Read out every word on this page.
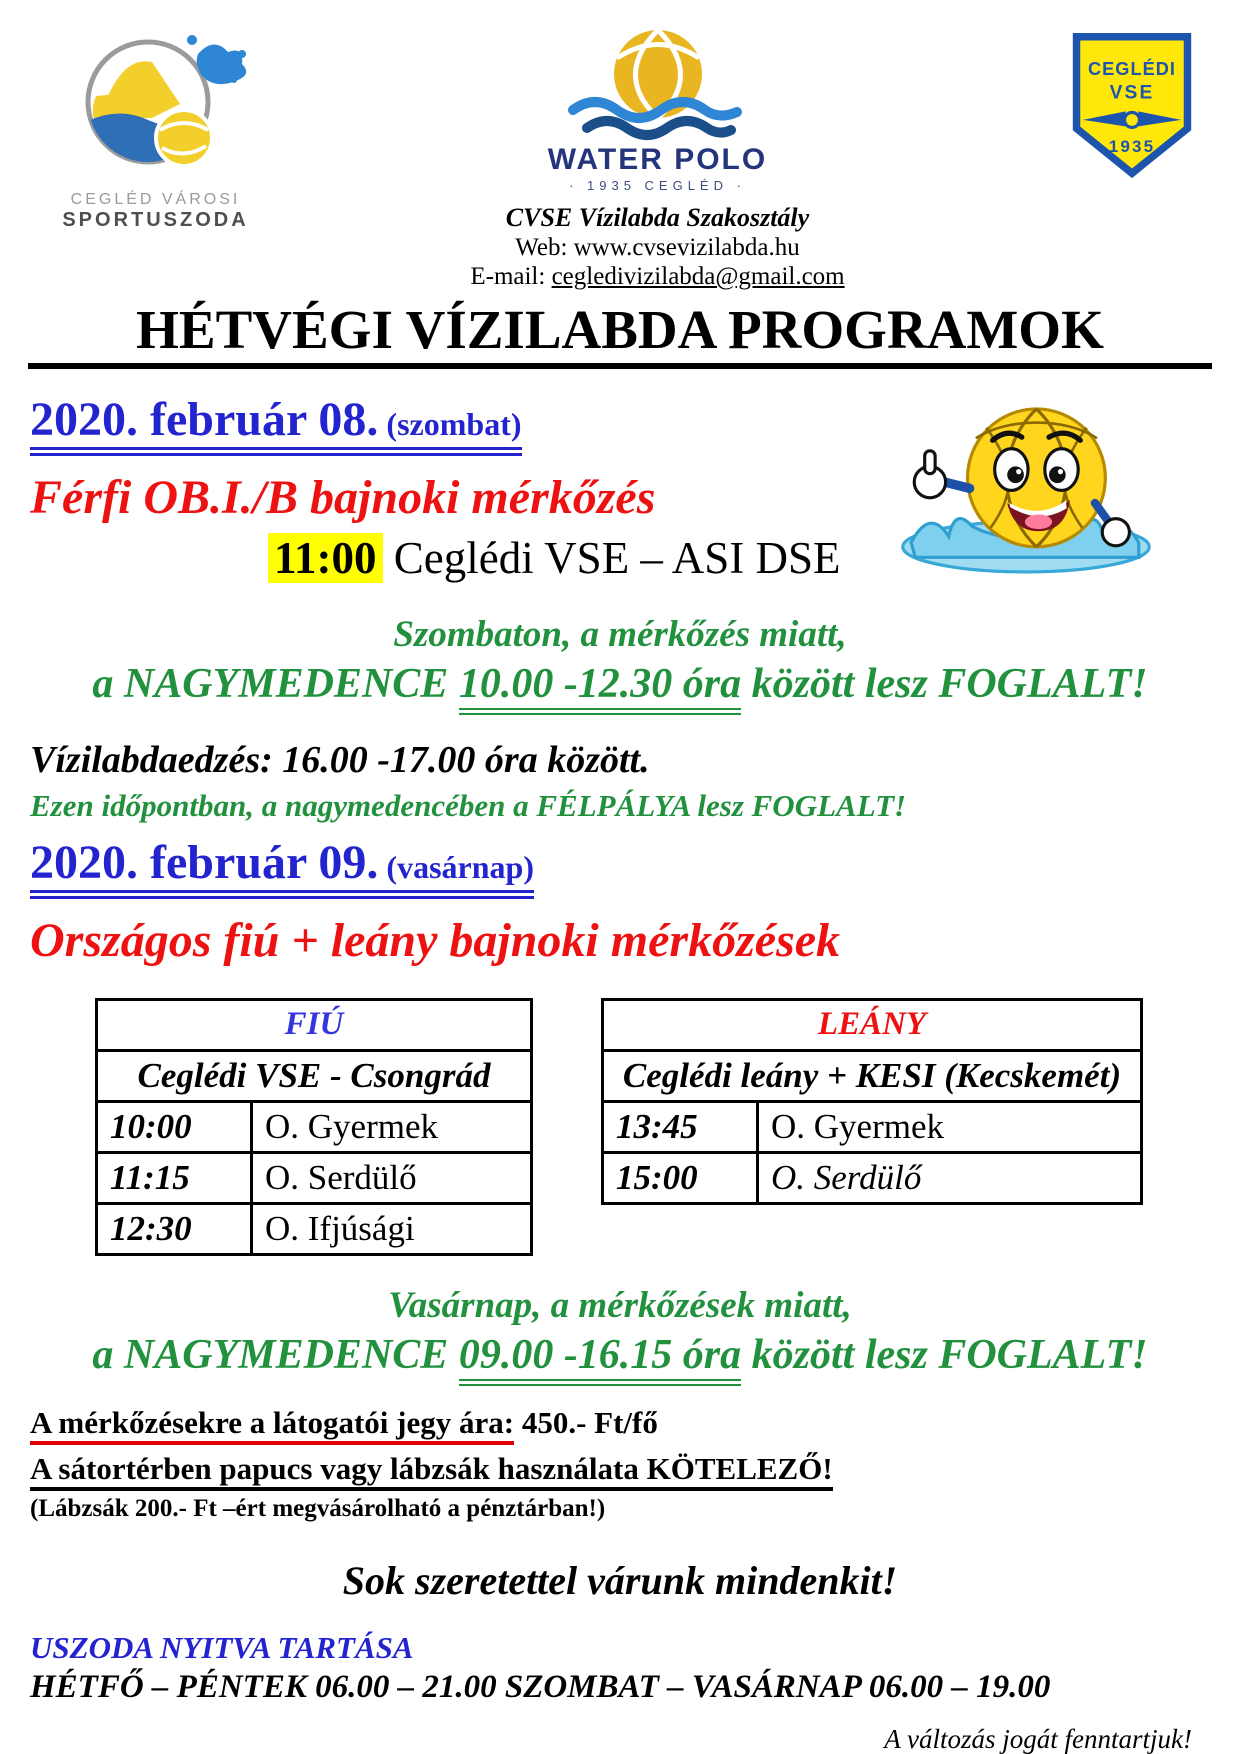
CEGLÉD VÁROSI
SPORTUSZODA
WATER POLO
· 1935 CEGLÉD ·
CVSE Vízilabda Szakosztály
Web: www.cvsevizilabda.hu
E-mail: cegledivizilabda@gmail.com
CEGLÉDI
VSE
1935
HÉTVÉGI VÍZILABDA PROGRAMOK
2020. február 08. (szombat)
Férfi OB.I./B bajnoki mérkőzés
11:00 Ceglédi VSE – ASI DSE
Szombaton, a mérkőzés miatt,
a NAGYMEDENCE 10.00 -12.30 óra között lesz FOGLALT!
Vízilabdaedzés: 16.00 -17.00 óra között.
Ezen időpontban, a nagymedencében a FÉLPÁLYA lesz FOGLALT!
2020. február 09. (vasárnap)
Országos fiú + leány bajnoki mérkőzések
FIÚ	
Ceglédi VSE - Csongrád	
10:00	O. Gyermek
11:15	O. Serdülő
12:30	O. Ifjúsági
LEÁNY	
Ceglédi leány + KESI (Kecskemét)	
13:45	O. Gyermek
15:00	O. Serdülő
Vasárnap, a mérkőzések miatt,
a NAGYMEDENCE 09.00 -16.15 óra között lesz FOGLALT!
A mérkőzésekre a látogatói jegy ára: 450.- Ft/fő
A sátortérben papucs vagy lábzsák használata KÖTELEZŐ!
(Lábzsák 200.- Ft –ért megvásárolható a pénztárban!)
Sok szeretettel várunk mindenkit!
USZODA NYITVA TARTÁSA
HÉTFŐ – PÉNTEK 06.00 – 21.00 SZOMBAT – VASÁRNAP 06.00 – 19.00
A változás jogát fenntartjuk!
